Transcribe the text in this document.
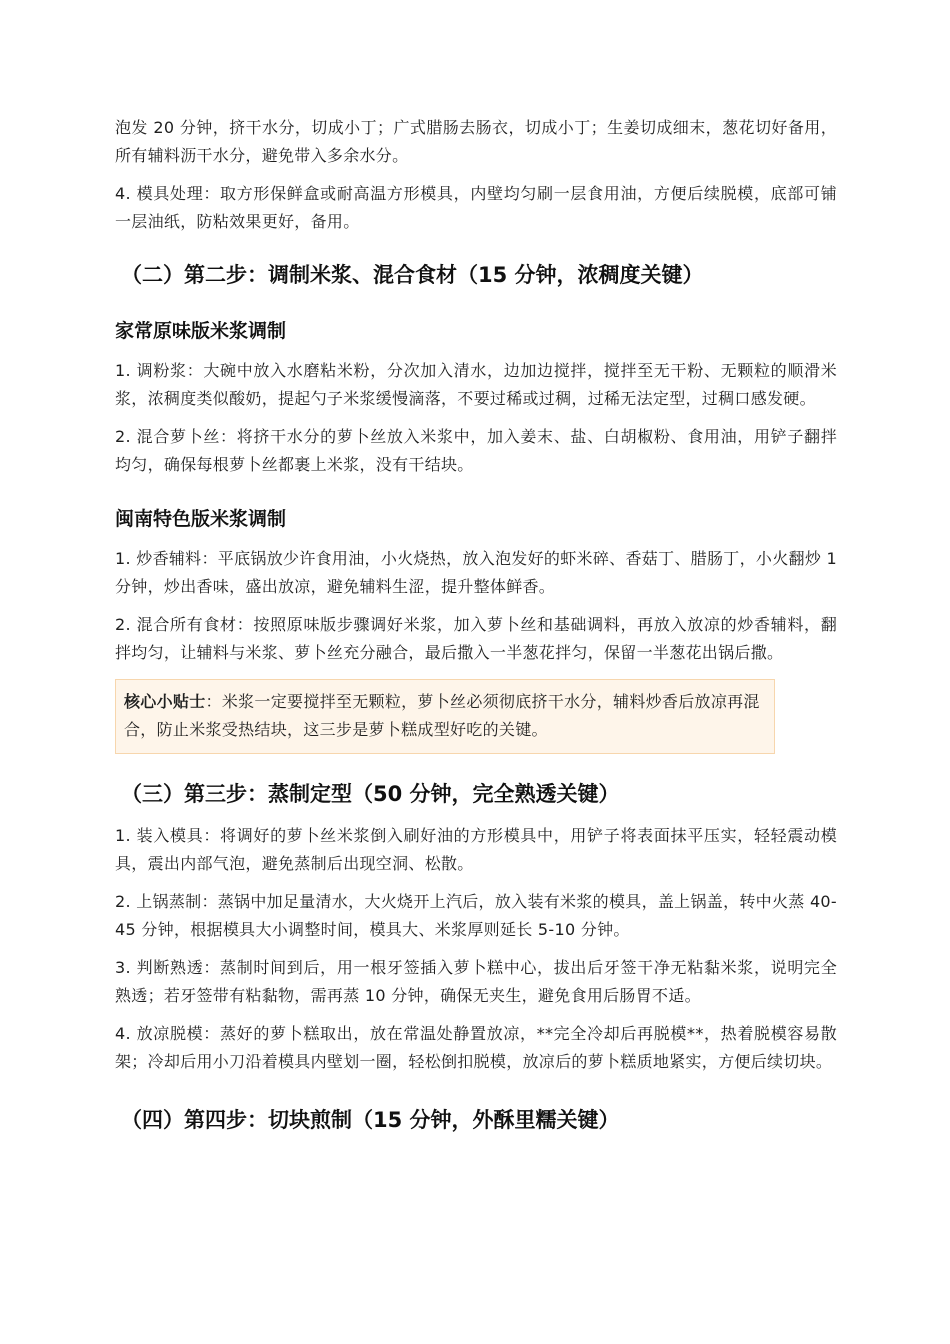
泡发 20 分钟，挤干水分，切成小丁；广式腊肠去肠衣，切成小丁；生姜切成细末，葱花切好备用，所有辅料沥干水分，避免带入多余水分。

4. 模具处理：取方形保鲜盒或耐高温方形模具，内壁均匀刷一层食用油，方便后续脱模，底部可铺一层油纸，防粘效果更好，备用。

（二）第二步：调制米浆、混合食材（15 分钟，浓稠度关键）
家常原味版米浆调制

1. 调粉浆：大碗中放入水磨粘米粉，分次加入清水，边加边搅拌，搅拌至无干粉、无颗粒的顺滑米浆，浓稠度类似酸奶，提起勺子米浆缓慢滴落，不要过稀或过稠，过稀无法定型，过稠口感发硬。

2. 混合萝卜丝：将挤干水分的萝卜丝放入米浆中，加入姜末、盐、白胡椒粉、食用油，用铲子翻拌均匀，确保每根萝卜丝都裹上米浆，没有干结块。

闽南特色版米浆调制

1. 炒香辅料：平底锅放少许食用油，小火烧热，放入泡发好的虾米碎、香菇丁、腊肠丁，小火翻炒 1 分钟，炒出香味，盛出放凉，避免辅料生涩，提升整体鲜香。

2. 混合所有食材：按照原味版步骤调好米浆，加入萝卜丝和基础调料，再放入放凉的炒香辅料，翻拌均匀，让辅料与米浆、萝卜丝充分融合，最后撒入一半葱花拌匀，保留一半葱花出锅后撒。

核心小贴士：米浆一定要搅拌至无颗粒，萝卜丝必须彻底挤干水分，辅料炒香后放凉再混合，防止米浆受热结块，这三步是萝卜糕成型好吃的关键。
（三）第三步：蒸制定型（50 分钟，完全熟透关键）

1. 装入模具：将调好的萝卜丝米浆倒入刷好油的方形模具中，用铲子将表面抹平压实，轻轻震动模具，震出内部气泡，避免蒸制后出现空洞、松散。

2. 上锅蒸制：蒸锅中加足量清水，大火烧开上汽后，放入装有米浆的模具，盖上锅盖，转中火蒸 40-45 分钟，根据模具大小调整时间，模具大、米浆厚则延长 5-10 分钟。

3. 判断熟透：蒸制时间到后，用一根牙签插入萝卜糕中心，拔出后牙签干净无粘黏米浆，说明完全熟透；若牙签带有粘黏物，需再蒸 10 分钟，确保无夹生，避免食用后肠胃不适。

4. 放凉脱模：蒸好的萝卜糕取出，放在常温处静置放凉，**完全冷却后再脱模**，热着脱模容易散架；冷却后用小刀沿着模具内壁划一圈，轻松倒扣脱模，放凉后的萝卜糕质地紧实，方便后续切块。

（四）第四步：切块煎制（15 分钟，外酥里糯关键）
